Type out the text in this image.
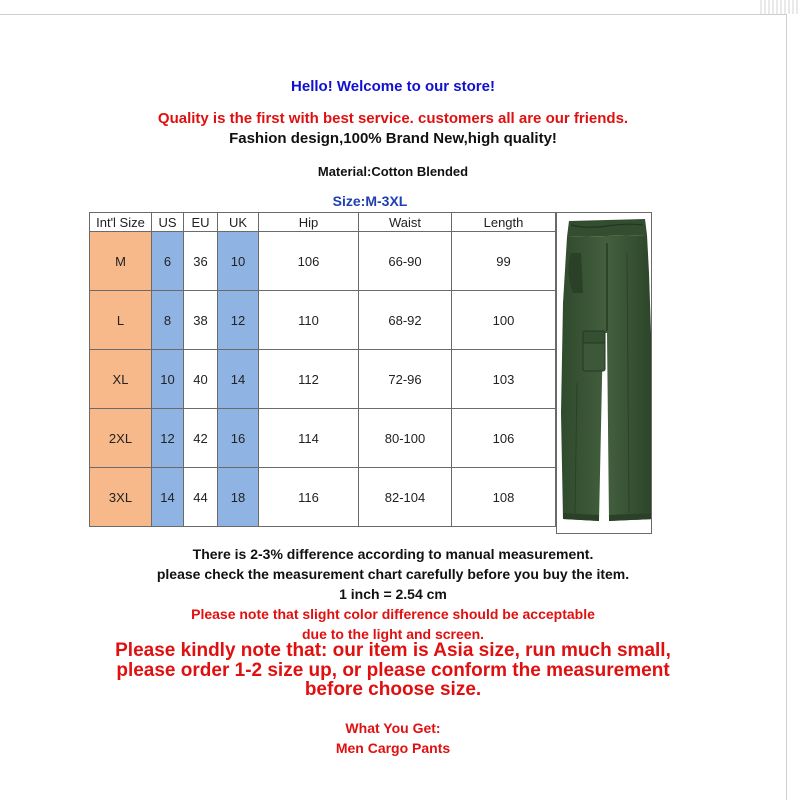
Hello! Welcome to our store!
Quality is the first with best service. customers all are our friends.
Fashion design,100% Brand New,high quality!
Material:Cotton Blended
Size:M-3XL
Int'l Size	US	EU	UK	Hip	Waist	Length
M	6	36	10	106	66-90	99
L	8	38	12	110	68-92	100
XL	10	40	14	112	72-96	103
2XL	12	42	16	114	80-100	106
3XL	14	44	18	116	82-104	108
There is 2-3% difference according to manual measurement.
please check the measurement chart carefully before you buy the item.
1 inch = 2.54 cm
Please note that slight color difference should be acceptable
due to the light and screen.
Please kindly note that: our item is Asia size, run much small,
please order 1-2 size up, or please conform the measurement
before choose size.
What You Get:
Men Cargo Pants
